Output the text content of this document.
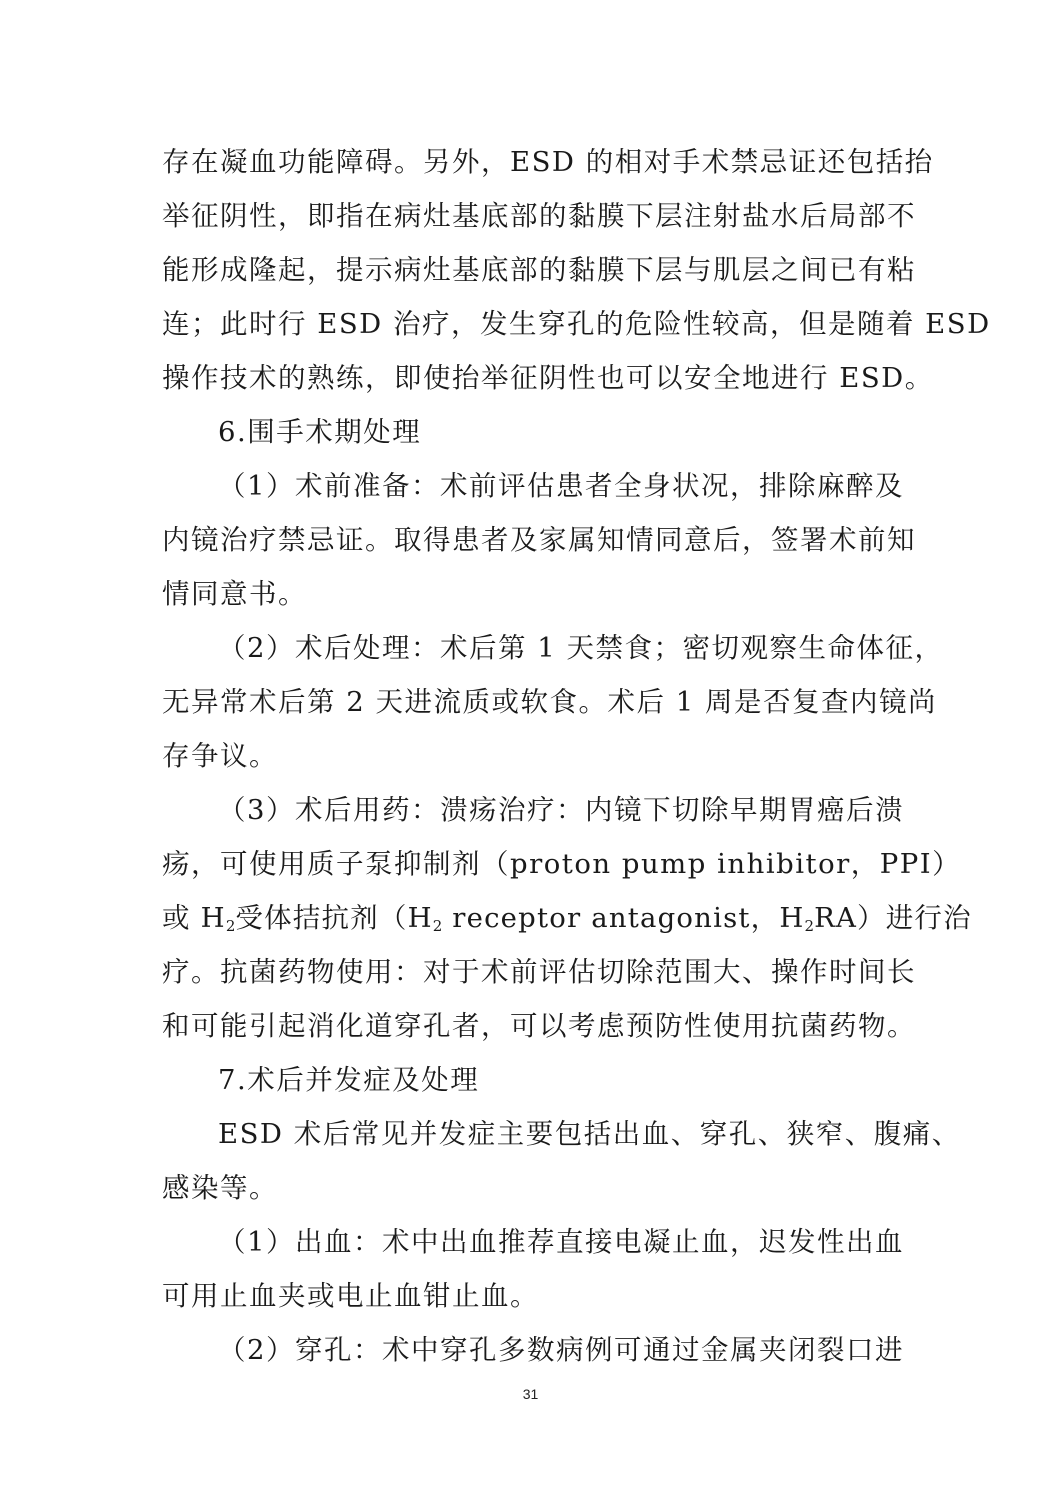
存在凝血功能障碍。另外，ESD 的相对手术禁忌证还包括抬
举征阴性，即指在病灶基底部的黏膜下层注射盐水后局部不
能形成隆起，提示病灶基底部的黏膜下层与肌层之间已有粘
连；此时行 ESD 治疗，发生穿孔的危险性较高，但是随着 ESD
操作技术的熟练，即使抬举征阴性也可以安全地进行 ESD。
6.围手术期处理
（1）术前准备：术前评估患者全身状况，排除麻醉及
内镜治疗禁忌证。取得患者及家属知情同意后，签署术前知
情同意书。
（2）术后处理：术后第 1 天禁食；密切观察生命体征，
无异常术后第 2 天进流质或软食。术后 1 周是否复查内镜尚
存争议。
（3）术后用药：溃疡治疗：内镜下切除早期胃癌后溃
疡，可使用质子泵抑制剂（proton pump inhibitor，PPI）
或 $H_2$受体拮抗剂（$H_2$ receptor antagonist，$H_2RA$）进行治
疗。抗菌药物使用：对于术前评估切除范围大、操作时间长
和可能引起消化道穿孔者，可以考虑预防性使用抗菌药物。
7.术后并发症及处理
ESD 术后常见并发症主要包括出血、穿孔、狭窄、腹痛、
感染等。
（1）出血：术中出血推荐直接电凝止血，迟发性出血
可用止血夹或电止血钳止血。
（2）穿孔：术中穿孔多数病例可通过金属夹闭裂口进
31
